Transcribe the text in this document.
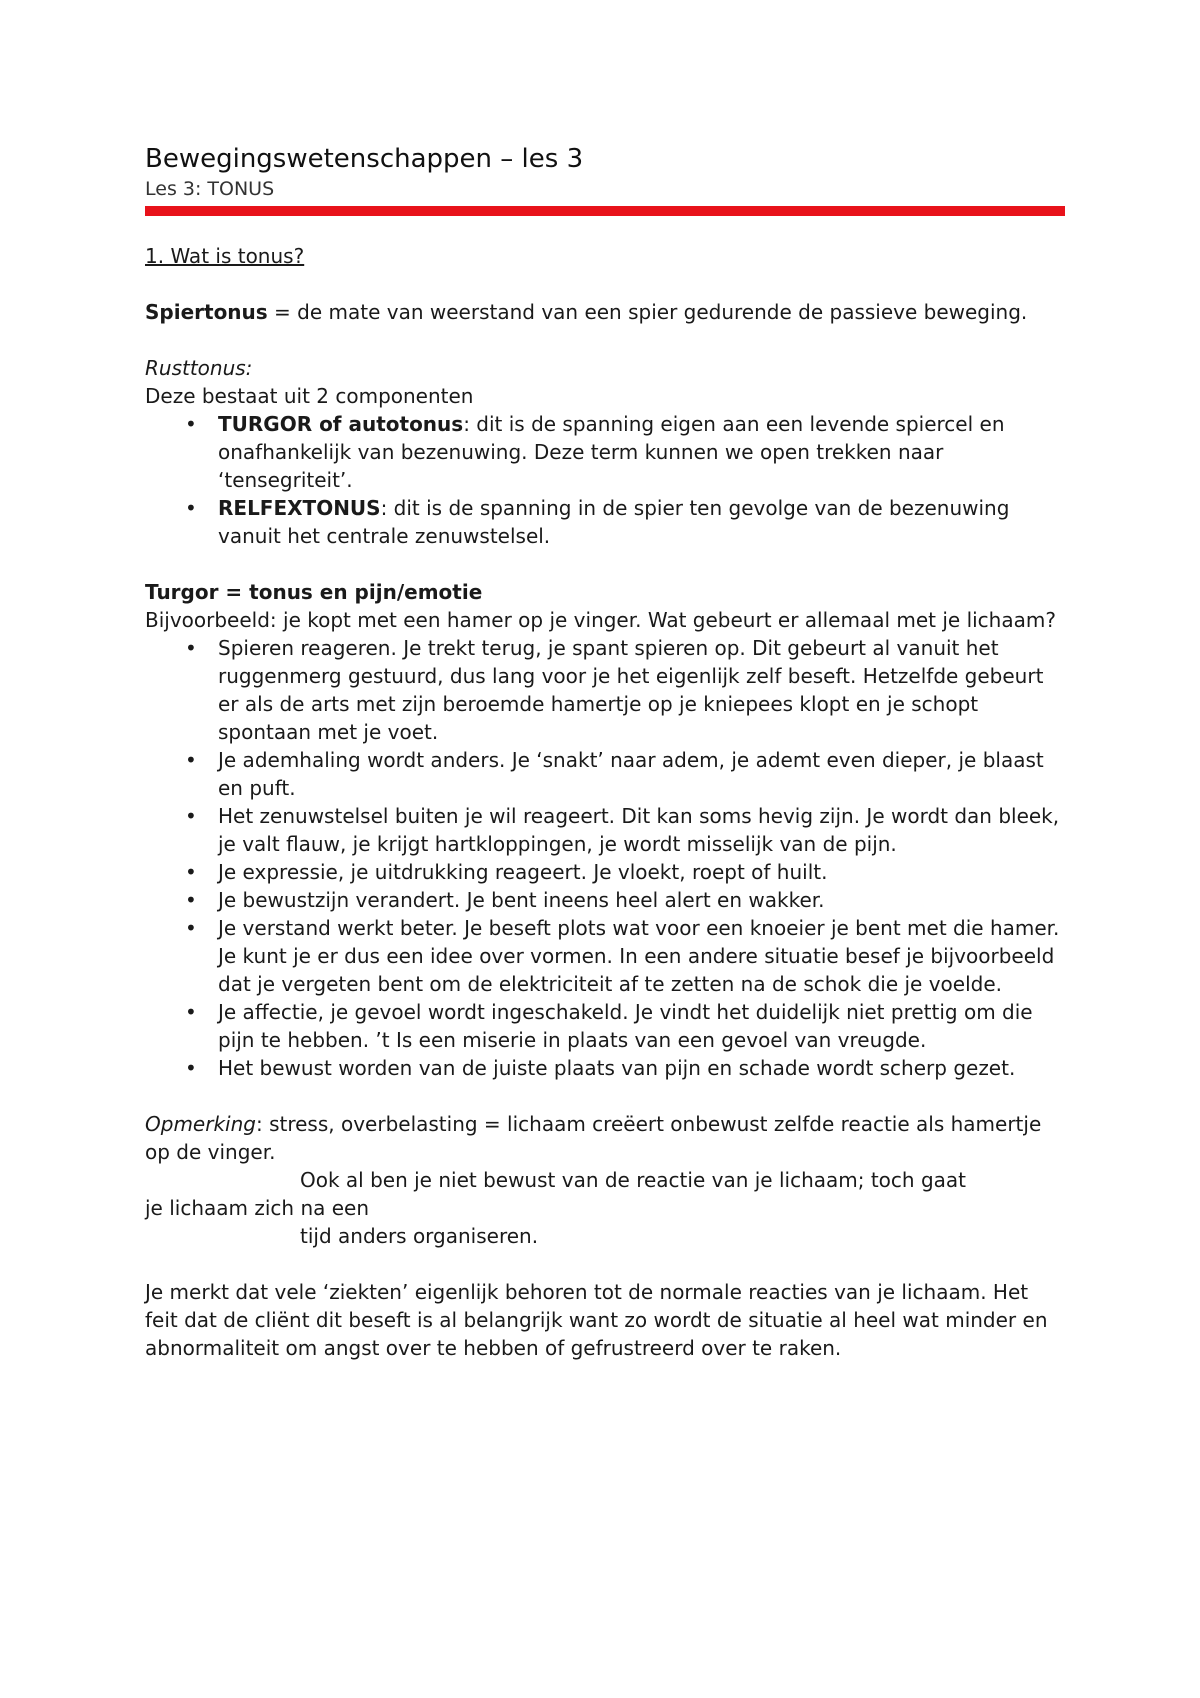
Bewegingswetenschappen – les 3

Les 3: TONUS

1. Wat is tonus?

Spiertonus = de mate van weerstand van een spier gedurende de passieve beweging.

Rusttonus:

Deze bestaat uit 2 componenten

•	TURGOR of autotonus: dit is de spanning eigen aan een levende spiercel en onafhankelijk van bezenuwing. Deze term kunnen we open trekken naar ‘tensegriteit’.
•	RELFEXTONUS: dit is de spanning in de spier ten gevolge van de bezenuwing vanuit het centrale zenuwstelsel.

Turgor = tonus en pijn/emotie

Bijvoorbeeld: je kopt met een hamer op je vinger. Wat gebeurt er allemaal met je lichaam?

•	Spieren reageren. Je trekt terug, je spant spieren op. Dit gebeurt al vanuit het ruggenmerg gestuurd, dus lang voor je het eigenlijk zelf beseft. Hetzelfde gebeurt er als de arts met zijn beroemde hamertje op je kniepees klopt en je schopt spontaan met je voet.
•	Je ademhaling wordt anders. Je ‘snakt’ naar adem, je ademt even dieper, je blaast en puft.
•	Het zenuwstelsel buiten je wil reageert. Dit kan soms hevig zijn. Je wordt dan bleek, je valt flauw, je krijgt hartkloppingen, je wordt misselijk van de pijn.
•	Je expressie, je uitdrukking reageert. Je vloekt, roept of huilt.
•	Je bewustzijn verandert. Je bent ineens heel alert en wakker.
•	Je verstand werkt beter. Je beseft plots wat voor een knoeier je bent met die hamer. Je kunt je er dus een idee over vormen. In een andere situatie besef je bijvoorbeeld dat je vergeten bent om de elektriciteit af te zetten na de schok die je voelde.
•	Je affectie, je gevoel wordt ingeschakeld. Je vindt het duidelijk niet prettig om die pijn te hebben. ’t Is een miserie in plaats van een gevoel van vreugde.
•	Het bewust worden van de juiste plaats van pijn en schade wordt scherp gezet.

Opmerking: stress, overbelasting = lichaam creëert onbewust zelfde reactie als hamertje op de vinger.

Ook al ben je niet bewust van de reactie van je lichaam; toch gaat

je lichaam zich na een

tijd anders organiseren.

Je merkt dat vele ‘ziekten’ eigenlijk behoren tot de normale reacties van je lichaam. Het feit dat de cliënt dit beseft is al belangrijk want zo wordt de situatie al heel wat minder en abnormaliteit om angst over te hebben of gefrustreerd over te raken.
